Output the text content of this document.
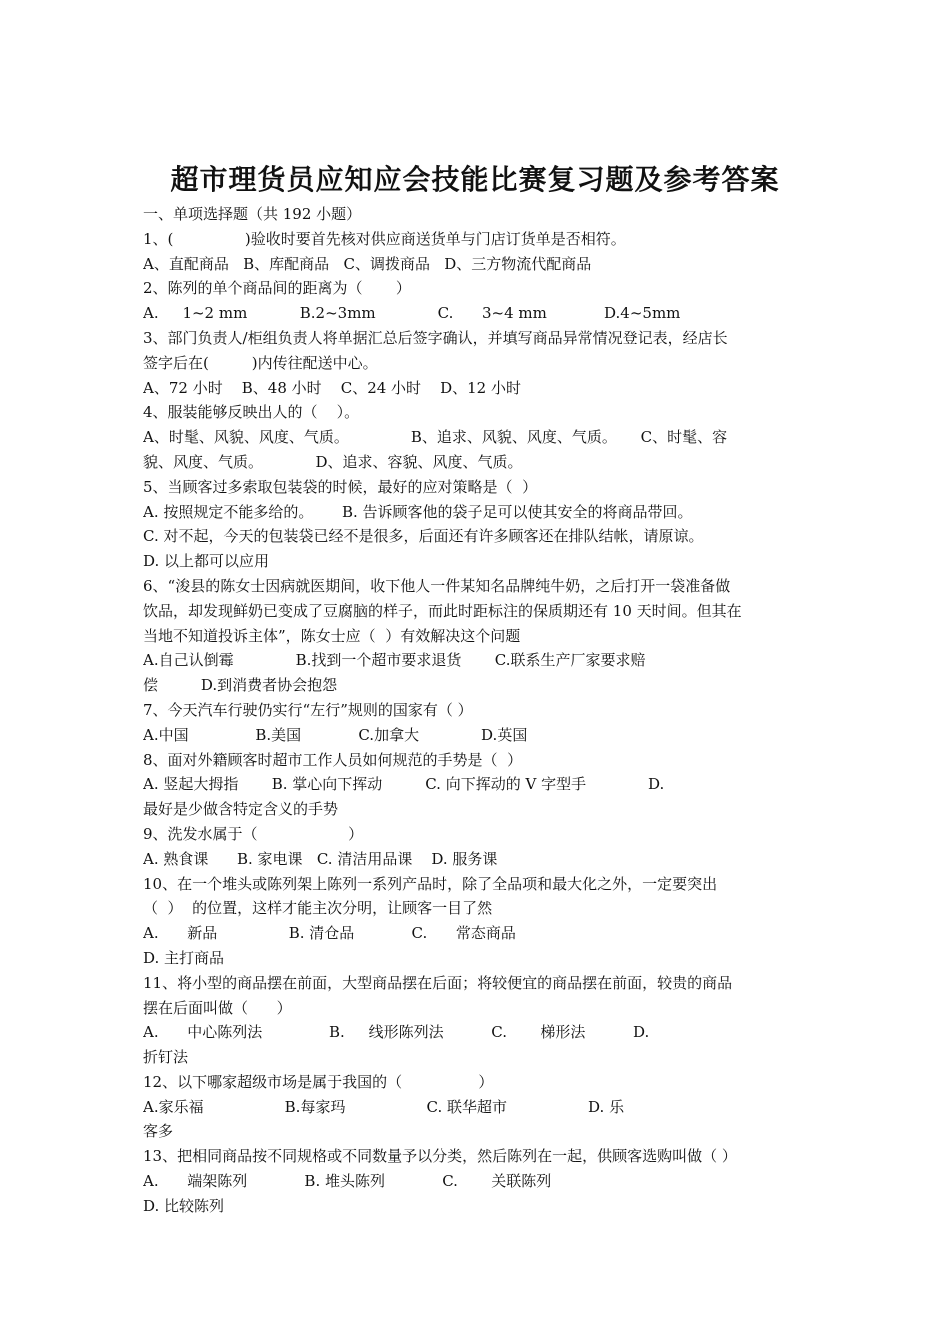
超市理货员应知应会技能比赛复习题及参考答案
一、单项选择题（共 192 小题）
1、(               )验收时要首先核对供应商送货单与门店订货单是否相符。
A、直配商品   B、库配商品   C、调拨商品   D、三方物流代配商品
2、陈列的单个商品间的距离为（       ）
A.     1~2 mm           B.2~3mm             C.      3~4 mm            D.4~5mm
3、部门负责人/柜组负责人将单据汇总后签字确认，并填写商品异常情况登记表，经店长
签字后在(         )内传往配送中心。
A、72 小时    B、48 小时    C、24 小时    D、12 小时
4、服装能够反映出人的（    ）。
A、时髦、风貌、风度、气质。             B、追求、风貌、风度、气质。     C、时髦、容
貌、风度、气质。           D、追求、容貌、风度、气质。
5、当顾客过多索取包装袋的时候，最好的应对策略是（  ）
A. 按照规定不能多给的。      B. 告诉顾客他的袋子足可以使其安全的将商品带回。
C. 对不起，今天的包装袋已经不是很多，后面还有许多顾客还在排队结帐，请原谅。
D. 以上都可以应用
6、“浚县的陈女士因病就医期间，收下他人一件某知名品牌纯牛奶，之后打开一袋准备做
饮品，却发现鲜奶已变成了豆腐脑的样子，而此时距标注的保质期还有 10 天时间。但其在
当地不知道投诉主体”，陈女士应（  ）有效解决这个问题
A.自己认倒霉             B.找到一个超市要求退货       C.联系生产厂家要求赔
偿         D.到消费者协会抱怨
7、今天汽车行驶仍实行“左行”规则的国家有（ ）
A.中国              B.美国            C.加拿大             D.英国
8、面对外籍顾客时超市工作人员如何规范的手势是（  ）
A. 竖起大拇指       B. 掌心向下挥动         C. 向下挥动的 V 字型手             D.
最好是少做含特定含义的手势
9、洗发水属于（                   ）
A. 熟食课      B. 家电课   C. 清洁用品课    D. 服务课
10、在一个堆头或陈列架上陈列一系列产品时，除了全品项和最大化之外，一定要突出
（  ）  的位置，这样才能主次分明，让顾客一目了然
A.      新品               B. 清仓品            C.      常态商品
D. 主打商品
11、将小型的商品摆在前面，大型商品摆在后面；将较便宜的商品摆在前面，较贵的商品
摆在后面叫做（      ）
A.      中心陈列法              B.     线形陈列法          C.       梯形法          D.
折钉法
12、以下哪家超级市场是属于我国的（                ）
A.家乐福                 B.每家玛                 C. 联华超市                 D. 乐
客多
13、把相同商品按不同规格或不同数量予以分类，然后陈列在一起，供顾客选购叫做（ ）
A.      端架陈列            B. 堆头陈列            C.       关联陈列
D. 比较陈列
